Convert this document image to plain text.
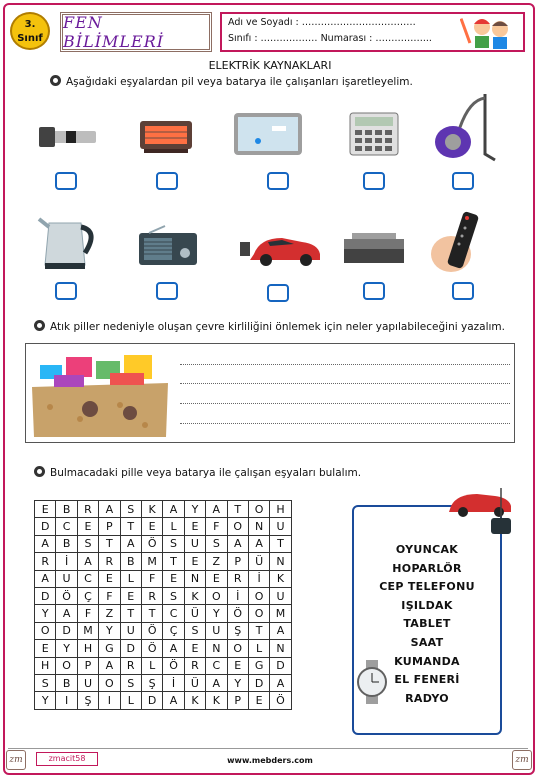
3.
Sınıf
FEN BİLİMLERİ
Adı ve Soyadı : ………………………………
Sınıfı : ……………… Numarası : ……………...
ELEKTRİK KAYNAKLARI
Aşağıdaki eşyalardan pil veya batarya ile çalışanları işaretleyelim.
Atık piller nedeniyle oluşan çevre kirliliğini önlemek için neler yapılabileceğini yazalım.
Bulmacadaki pille veya batarya ile çalışan eşyaları bulalım.
E	B	R	A	S	K	A	Y	A	T	O	H
D	C	E	P	T	E	L	E	F	O	N	U
A	B	S	T	A	Ö	S	U	S	A	A	T
R	İ	A	R	B	M	T	E	Z	P	Ü	N
A	U	C	E	L	F	E	N	E	R	İ	K
D	Ö	Ç	F	E	R	S	K	O	İ	O	U
Y	A	F	Z	T	T	C	Ü	Y	Ö	O	M
O	D	M	Y	U	Ö	Ç	S	U	Ş	T	A
E	Y	H	G	D	Ö	A	E	N	O	L	N
H	O	P	A	R	L	Ö	R	C	E	G	D
S	B	U	O	S	Ş	İ	Ü	A	Y	D	A
Y	I	Ş	I	L	D	A	K	K	P	E	Ö
OYUNCAK
HOPARLÖR
CEP TELEFONU
IŞILDAK
TABLET
SAAT
KUMANDA
EL FENERİ
RADYO
zm	zmacit58	www.mebders.com	zm
